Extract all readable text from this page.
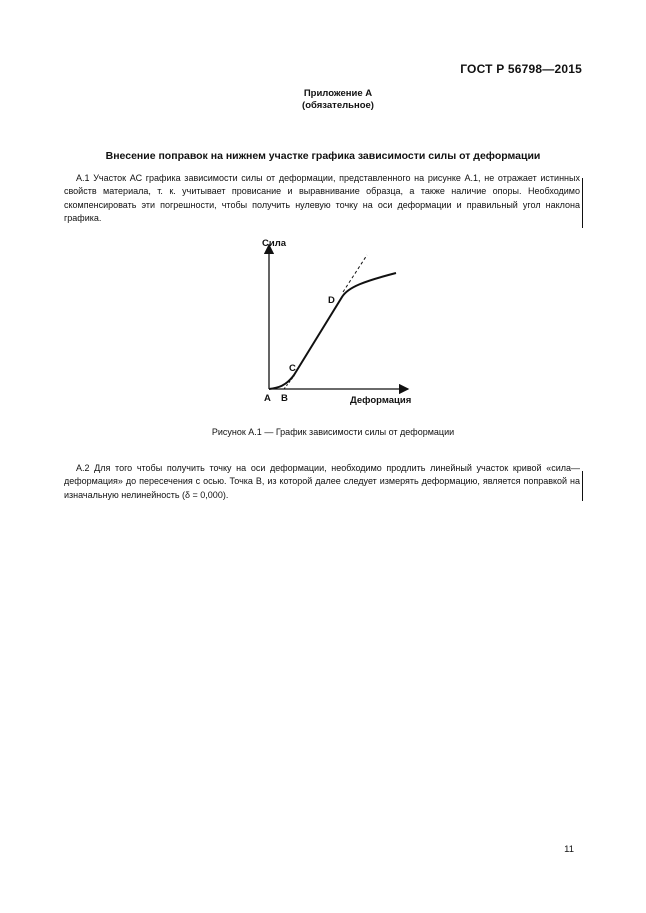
ГОСТ Р 56798—2015
Приложение А
(обязательное)
Внесение поправок на нижнем участке графика зависимости силы от деформации
А.1 Участок АС графика зависимости силы от деформации, представленного на рисунке А.1, не отражает истинных свойств материала, т. к. учитывает провисание и выравнивание образца, а также наличие опоры. Необходимо скомпенсировать эти погрешности, чтобы получить нулевую точку на оси деформации и правильный угол наклона графика.
Сила
Деформация
A B
C
D
Рисунок А.1 — График зависимости силы от деформации
А.2 Для того чтобы получить точку на оси деформации, необходимо продлить линейный участок кривой «сила—деформация» до пересечения с осью. Точка В, из которой далее следует измерять деформацию, является поправкой на изначальную нелинейность (δ = 0,000).
11
